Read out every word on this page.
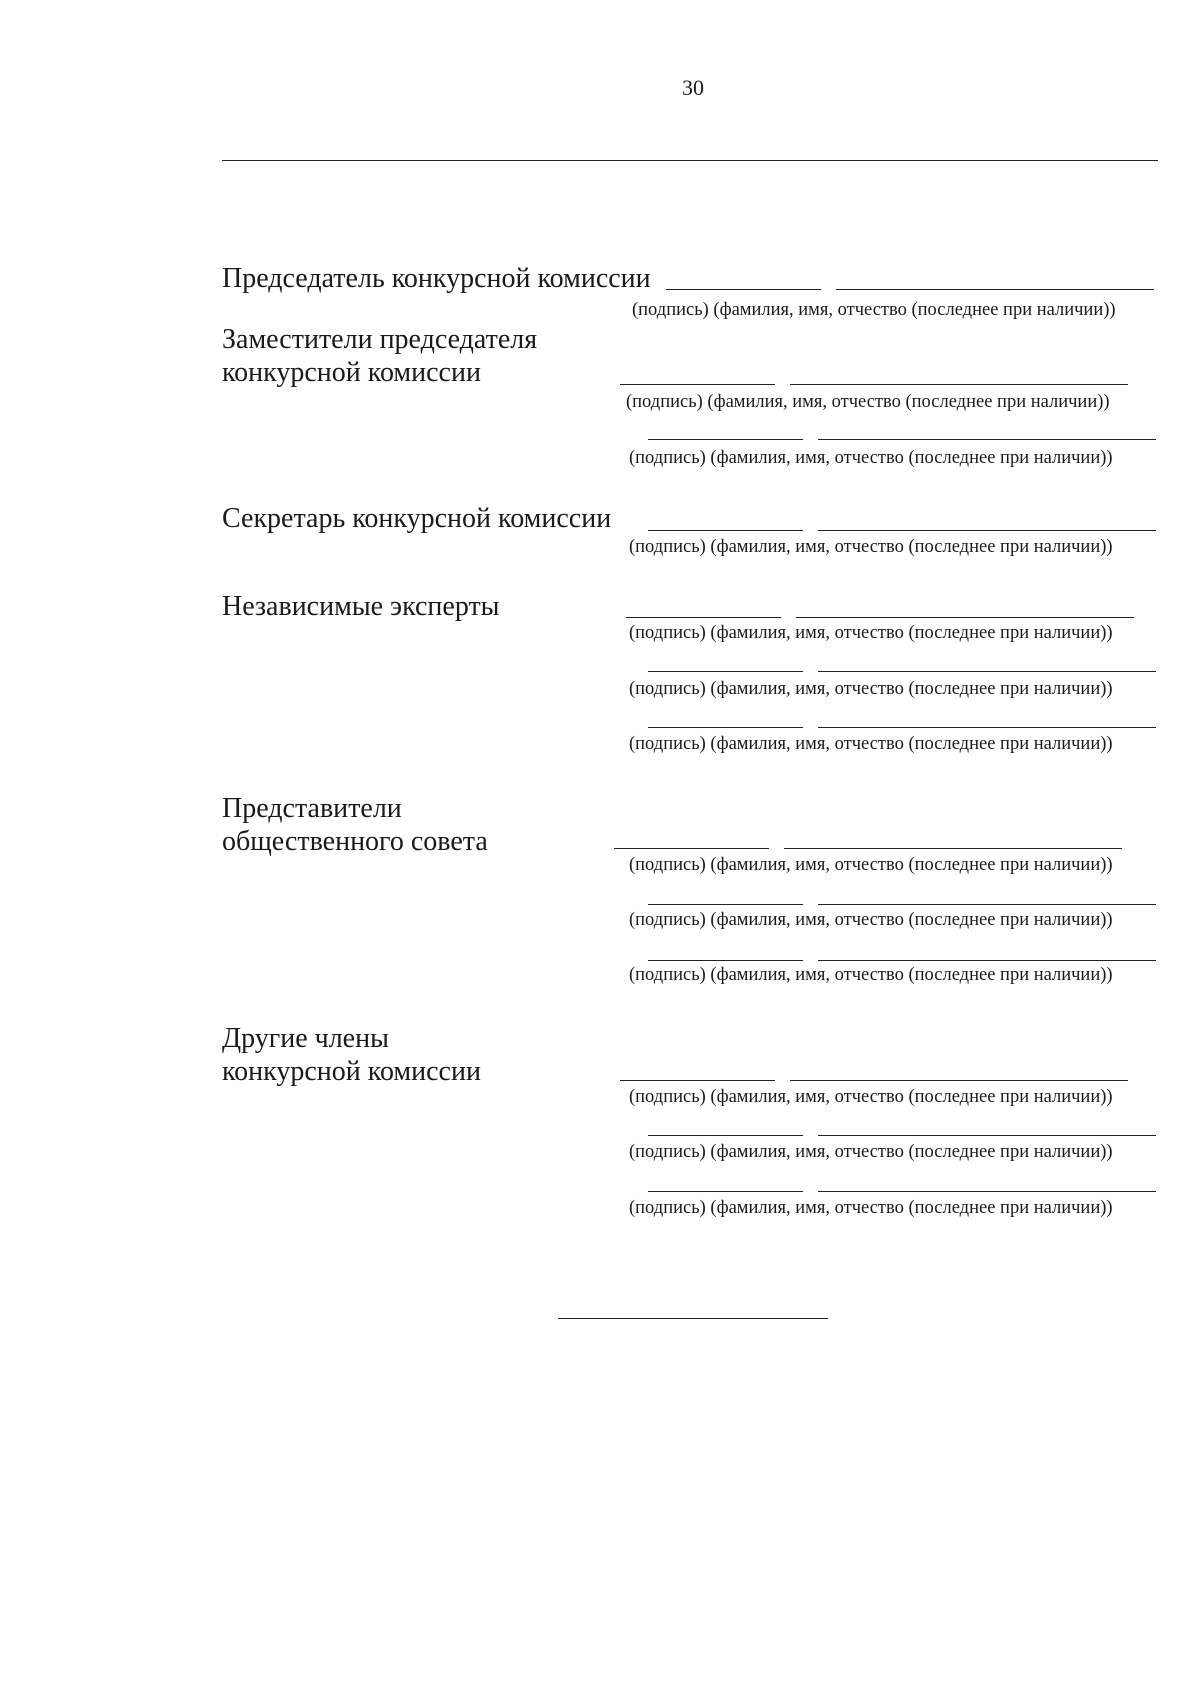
30
Председатель конкурсной комиссии
Заместители председателя
конкурсной комиссии
Секретарь конкурсной комиссии
Независимые эксперты
Представители
общественного совета
Другие члены
конкурсной комиссии
(подпись) (фамилия, имя, отчество (последнее при наличии))
(подпись) (фамилия, имя, отчество (последнее при наличии))
(подпись) (фамилия, имя, отчество (последнее при наличии))
(подпись) (фамилия, имя, отчество (последнее при наличии))
(подпись) (фамилия, имя, отчество (последнее при наличии))
(подпись) (фамилия, имя, отчество (последнее при наличии))
(подпись) (фамилия, имя, отчество (последнее при наличии))
(подпись) (фамилия, имя, отчество (последнее при наличии))
(подпись) (фамилия, имя, отчество (последнее при наличии))
(подпись) (фамилия, имя, отчество (последнее при наличии))
(подпись) (фамилия, имя, отчество (последнее при наличии))
(подпись) (фамилия, имя, отчество (последнее при наличии))
(подпись) (фамилия, имя, отчество (последнее при наличии))
